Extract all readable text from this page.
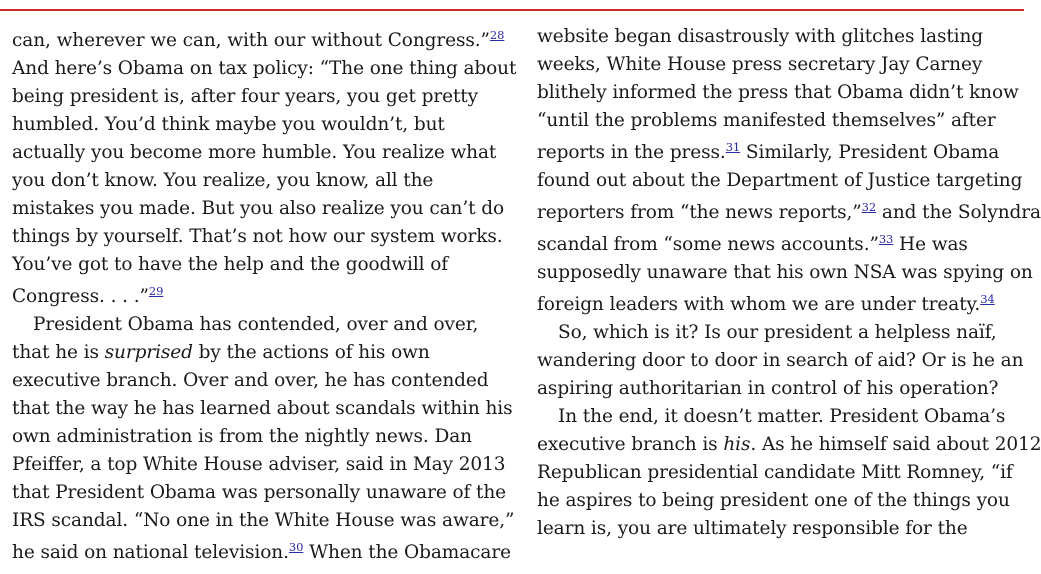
can, wherever we can, with our without Congress.”$^{28}$
And here’s Obama on tax policy: “The one thing about
being president is, after four years, you get pretty
humbled. You’d think maybe you wouldn’t, but
actually you become more humble. You realize what
you don’t know. You realize, you know, all the
mistakes you made. But you also realize you can’t do
things by yourself. That’s not how our system works.
You’ve got to have the help and the goodwill of
Congress. . . .”$^{29}$
President Obama has contended, over and over,
that he is surprised by the actions of his own
executive branch. Over and over, he has contended
that the way he has learned about scandals within his
own administration is from the nightly news. Dan
Pfeiffer, a top White House adviser, said in May 2013
that President Obama was personally unaware of the
IRS scandal. “No one in the White House was aware,”
he said on national television.$^{30}$ When the Obamacare
website began disastrously with glitches lasting
weeks, White House press secretary Jay Carney
blithely informed the press that Obama didn’t know
“until the problems manifested themselves” after
reports in the press.$^{31}$ Similarly, President Obama
found out about the Department of Justice targeting
reporters from “the news reports,”$^{32}$ and the Solyndra
scandal from “some news accounts.”$^{33}$ He was
supposedly unaware that his own NSA was spying on
foreign leaders with whom we are under treaty.$^{34}$
So, which is it? Is our president a helpless naïf,
wandering door to door in search of aid? Or is he an
aspiring authoritarian in control of his operation?
In the end, it doesn’t matter. President Obama’s
executive branch is his. As he himself said about 2012
Republican presidential candidate Mitt Romney, “if
he aspires to being president one of the things you
learn is, you are ultimately responsible for the
